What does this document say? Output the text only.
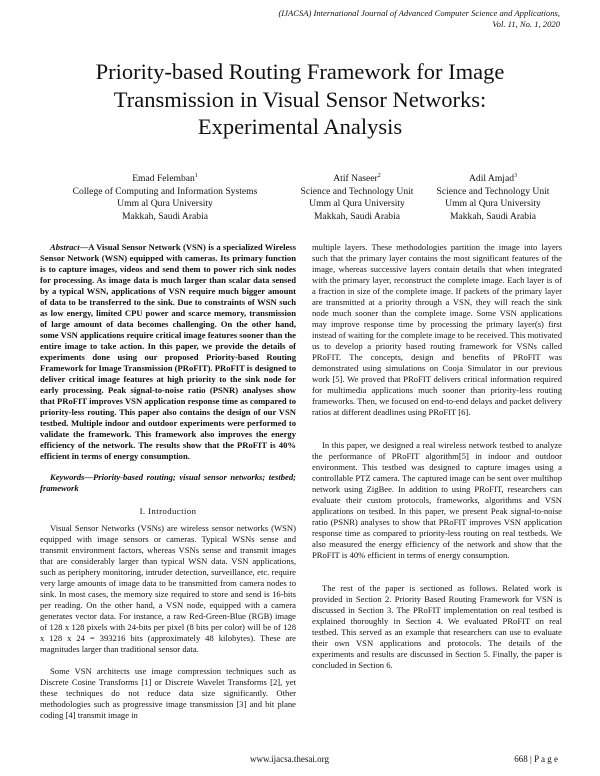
(IJACSA) International Journal of Advanced Computer Science and Applications,
Vol. 11, No. 1, 2020
Priority-based Routing Framework for Image
Transmission in Visual Sensor Networks:
Experimental Analysis
Emad Felemban$^1$
College of Computing and Information Systems
Umm al Qura University
Makkah, Saudi Arabia
Atif Naseer$^2$
Science and Technology Unit
Umm al Qura University
Makkah, Saudi Arabia
Adil Amjad$^3$
Science and Technology Unit
Umm al Qura University
Makkah, Saudi Arabia

Abstract—A Visual Sensor Network (VSN) is a specialized Wireless Sensor Network (WSN) equipped with cameras. Its primary function is to capture images, videos and send them to power rich sink nodes for processing. As image data is much larger than scalar data sensed by a typical WSN, applications of VSN require much bigger amount of data to be transferred to the sink. Due to constraints of WSN such as low energy, limited CPU power and scarce memory, transmission of large amount of data becomes challenging. On the other hand, some VSN applications require critical image features sooner than the entire image to take action. In this paper, we provide the details of experiments done using our proposed Priority-based Routing Framework for Image Transmission (PRoFIT). PRoFIT is designed to deliver critical image features at high priority to the sink node for early processing. Peak signal-to-noise ratio (PSNR) analyses show that PRoFIT improves VSN application response time as compared to priority-less routing. This paper also contains the design of our VSN testbed. Multiple indoor and outdoor experiments were performed to validate the framework. This framework also improves the energy efficiency of the network. The results show that the PRoFIT is 40% efficient in terms of energy consumption.

Keywords—Priority-based routing; visual sensor networks; testbed; framework

I. Introduction

Visual Sensor Networks (VSNs) are wireless sensor networks (WSN) equipped with image sensors or cameras. Typical WSNs sense and transmit environment factors, whereas VSNs sense and transmit images that are considerably larger than typical WSN data. VSN applications, such as periphery monitoring, intruder detection, surveillance, etc. require very large amounts of image data to be transmitted from camera nodes to sink. In most cases, the memory size required to store and send is 16-bits per reading. On the other hand, a VSN node, equipped with a camera generates vector data. For instance, a raw Red-Green-Blue (RGB) image of 128 x 128 pixels with 24-bits per pixel (8 bits per color) will be of 128 x 128 x 24 = 393216 bits (approximately 48 kilobytes). These are magnitudes larger than traditional sensor data.

Some VSN architects use image compression techniques such as Discrete Cosine Transforms [1] or Discrete Wavelet Transforms [2], yet these techniques do not reduce data size significantly. Other methodologies such as progressive image transmission [3] and bit plane coding [4] transmit image in

multiple layers. These methodologies partition the image into layers such that the primary layer contains the most significant features of the image, whereas successive layers contain details that when integrated with the primary layer, reconstruct the complete image. Each layer is of a fraction in size of the complete image. If packets of the primary layer are transmitted at a priority through a VSN, they will reach the sink node much sooner than the complete image. Some VSN applications may improve response time by processing the primary layer(s) first instead of waiting for the complete image to be received. This motivated us to develop a priority based routing framework for VSNs called PRoFIT. The concepts, design and benefits of PRoFIT was demonstrated using simulations on Cooja Simulator in our previous work [5]. We proved that PRoFIT delivers critical information required for multimedia applications much sooner than priority-less routing frameworks. Then, we focused on end-to-end delays and packet delivery ratios at different deadlines using PRoFIT [6].

In this paper, we designed a real wireless network testbed to analyze the performance of PRoFIT algorithm[5] in indoor and outdoor environment. This testbed was designed to capture images using a controllable PTZ camera. The captured image can be sent over multihop network using ZigBee. In addition to using PRoFIT, researchers can evaluate their custom protocols, frameworks, algorithms and VSN applications on testbed. In this paper, we present Peak signal-to-noise ratio (PSNR) analyses to show that PRoFIT improves VSN application response time as compared to priority-less routing on real testbeds. We also measured the energy efficiency of the network and show that the PRoFIT is 40% efficient in terms of energy consumption.

The rest of the paper is sectioned as follows. Related work is provided in Section 2. Priority Based Routing Framework for VSN is discussed in Section 3. The PRoFIT implementation on real testbed is explained thoroughly in Section 4. We evaluated PRoFIT on real testbed. This served as an example that researchers can use to evaluate their own VSN applications and protocols. The details of the experiments and results are discussed in Section 5. Finally, the paper is concluded in Section 6.

www.ijacsa.thesai.org	668 | P a g e
